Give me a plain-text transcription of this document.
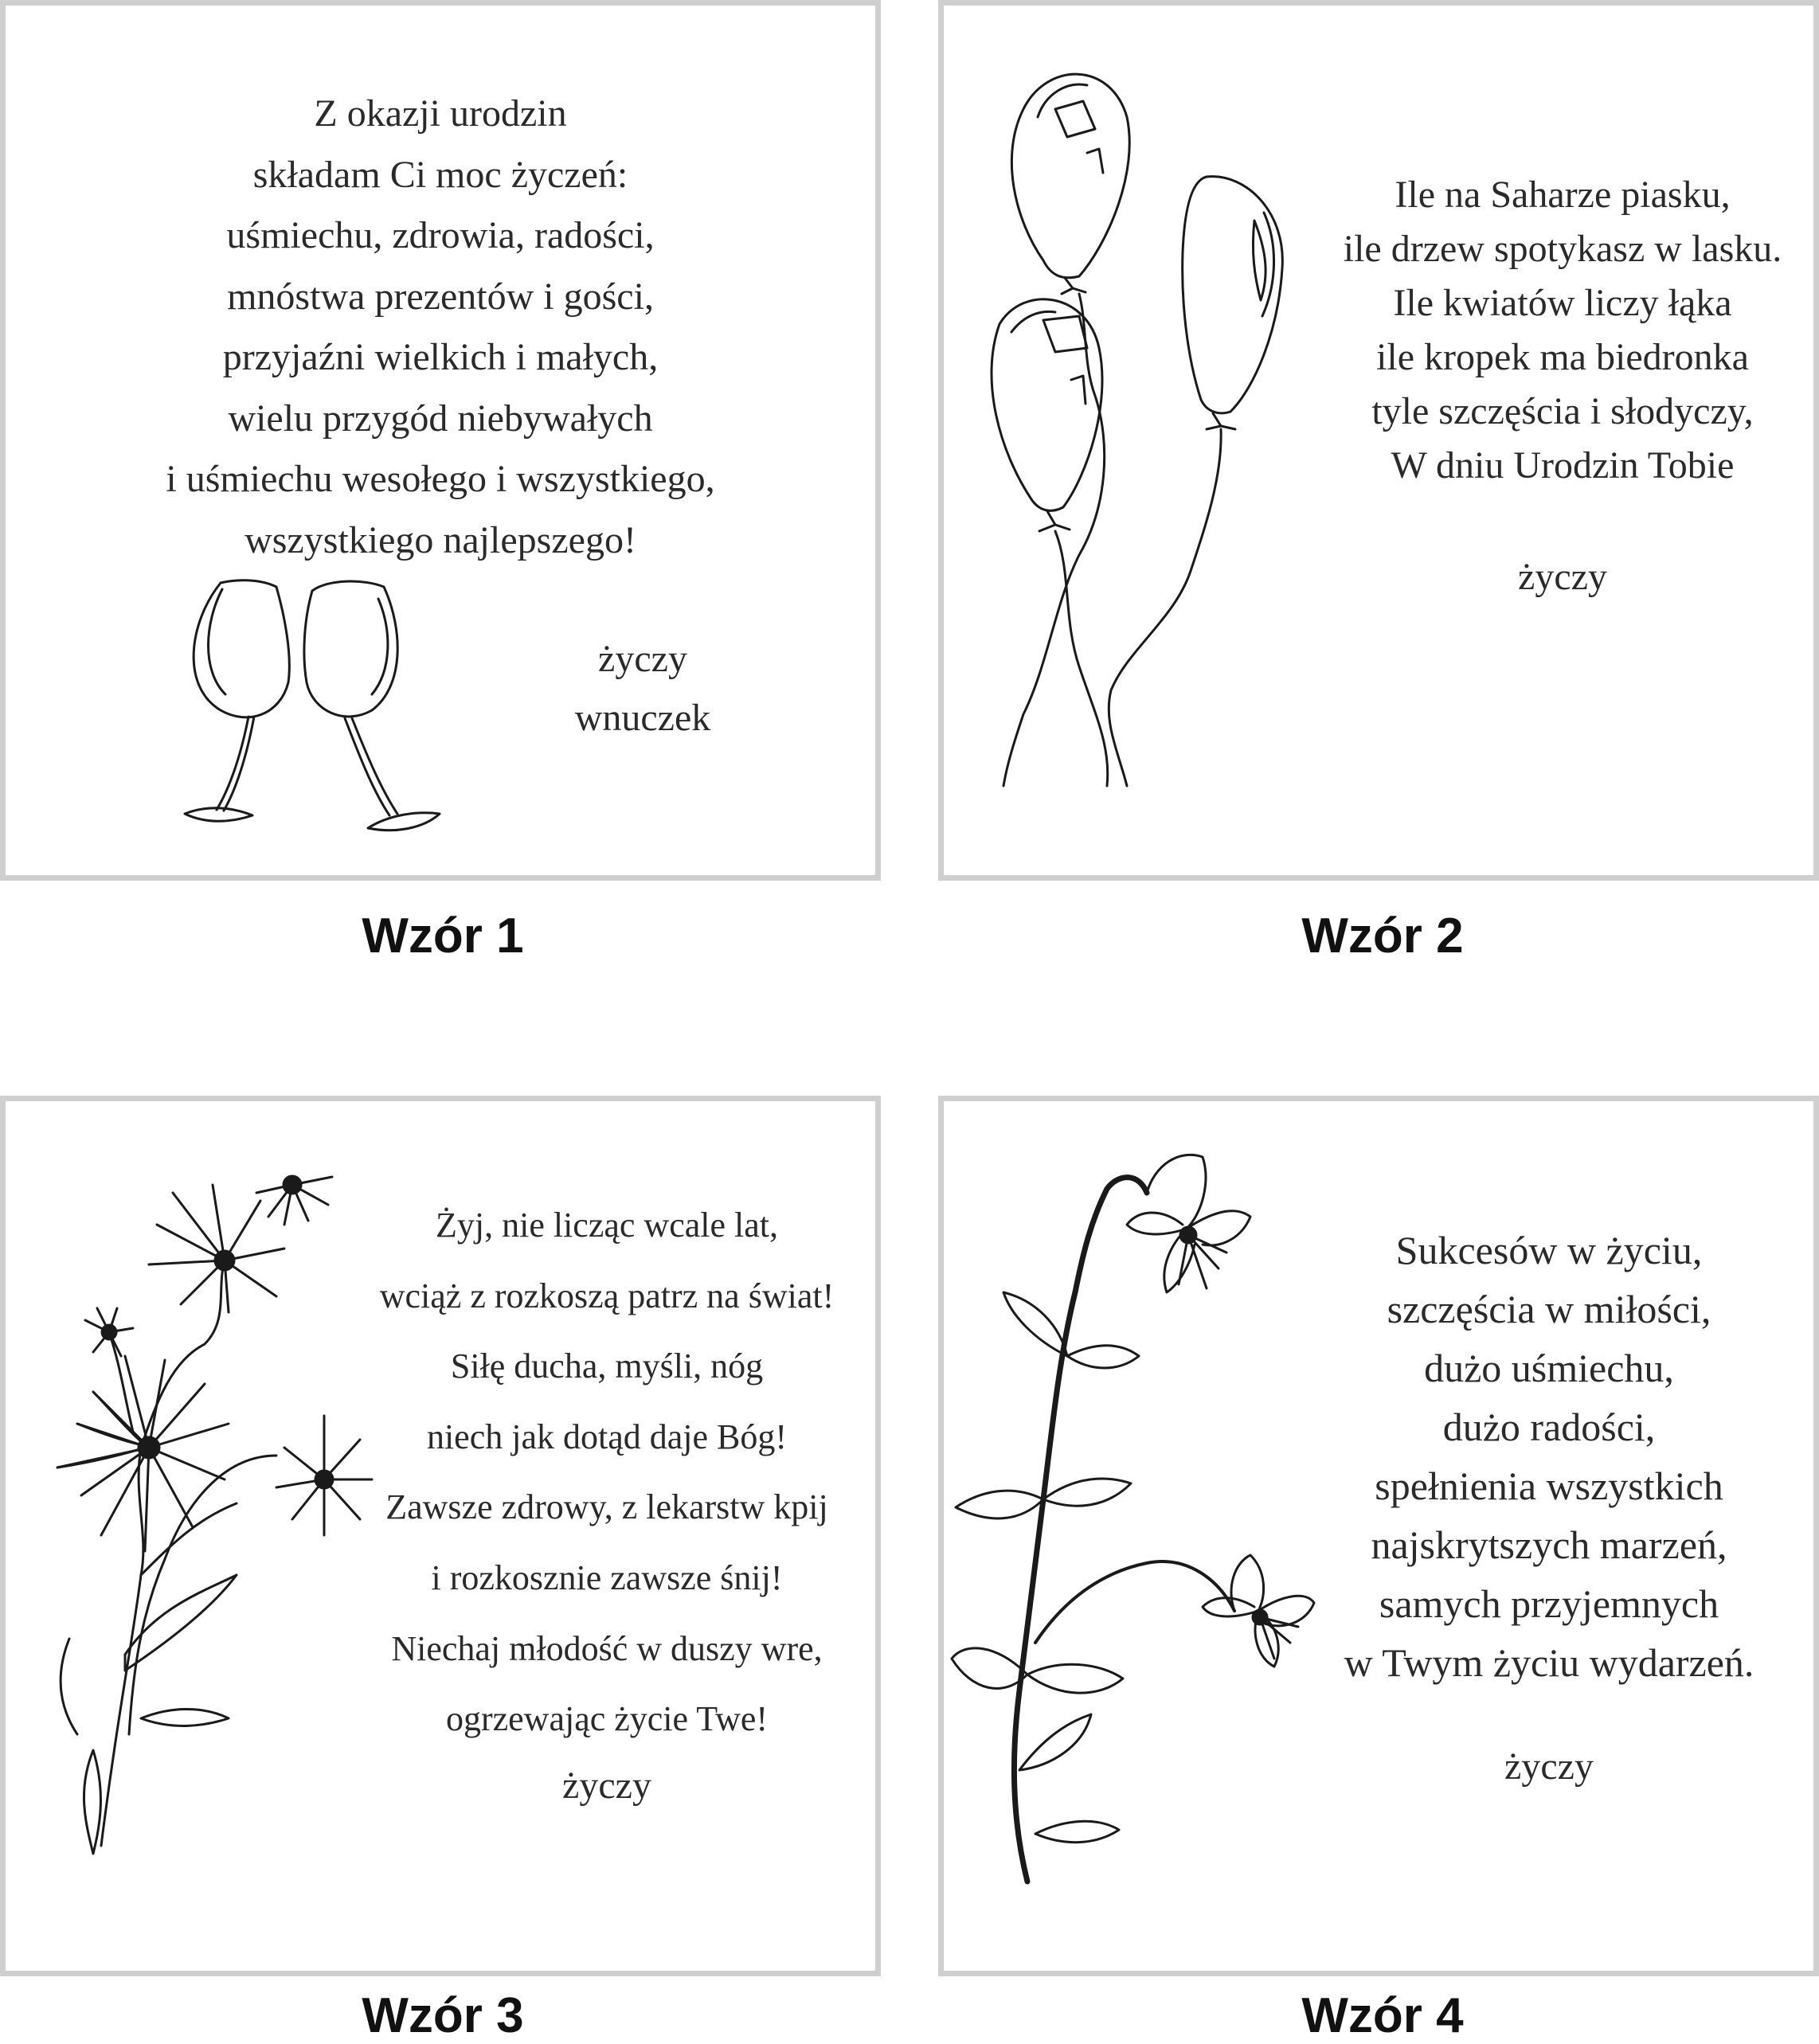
Z okazji urodzin
składam Ci moc życzeń:
uśmiechu, zdrowia, radości,
mnóstwa prezentów i gości,
przyjaźni wielkich i małych,
wielu przygód niebywałych
i uśmiechu wesołego i wszystkiego,
wszystkiego najlepszego!
życzy
wnuczek
Ile na Saharze piasku,
ile drzew spotykasz w lasku.
Ile kwiatów liczy łąka
ile kropek ma biedronka
tyle szczęścia i słodyczy,
W dniu Urodzin Tobie
życzy
Żyj, nie licząc wcale lat,
wciąż z rozkoszą patrz na świat!
Siłę ducha, myśli, nóg
niech jak dotąd daje Bóg!
Zawsze zdrowy, z lekarstw kpij
i rozkosznie zawsze śnij!
Niechaj młodość w duszy wre,
ogrzewając życie Twe!
życzy
Sukcesów w życiu,
szczęścia w miłości,
dużo uśmiechu,
dużo radości,
spełnienia wszystkich
najskrytszych marzeń,
samych przyjemnych
w Twym życiu wydarzeń.
życzy
Wzór 1	Wzór 2
Wzór 3	Wzór 4
